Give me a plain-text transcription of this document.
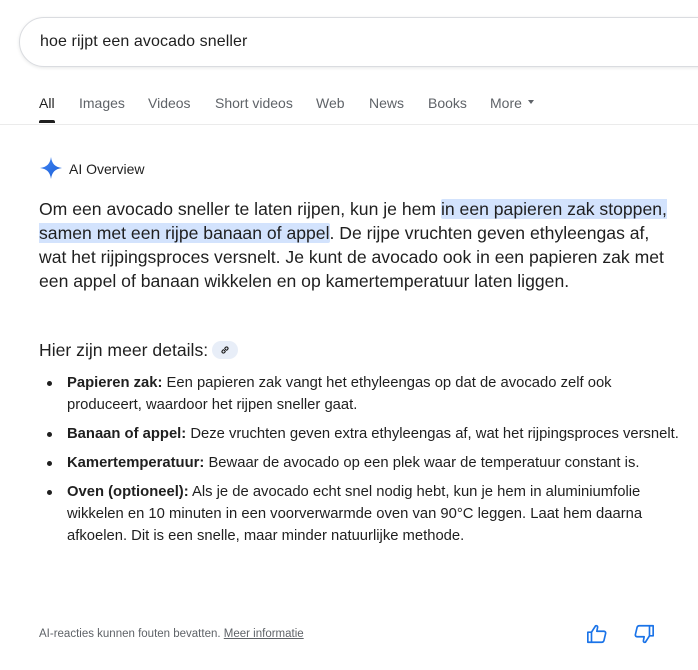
hoe rijpt een avocado sneller
All Images Videos Short videos Web News Books More
AI Overview
Om een avocado sneller te laten rijpen, kun je hem in een papieren zak stoppen, samen met een rijpe banaan of appel. De rijpe vruchten geven ethyleengas af, wat het rijpingsproces versnelt. Je kunt de avocado ook in een papieren zak met een appel of banaan wikkelen en op kamertemperatuur laten liggen.
Hier zijn meer details:
Papieren zak: Een papieren zak vangt het ethyleengas op dat de avocado zelf ook produceert, waardoor het rijpen sneller gaat.
Banaan of appel: Deze vruchten geven extra ethyleengas af, wat het rijpingsproces versnelt.
Kamertemperatuur: Bewaar de avocado op een plek waar de temperatuur constant is.
Oven (optioneel): Als je de avocado echt snel nodig hebt, kun je hem in aluminiumfolie wikkelen en 10 minuten in een voorverwarmde oven van 90°C leggen. Laat hem daarna afkoelen. Dit is een snelle, maar minder natuurlijke methode.
AI-reacties kunnen fouten bevatten. Meer informatie
